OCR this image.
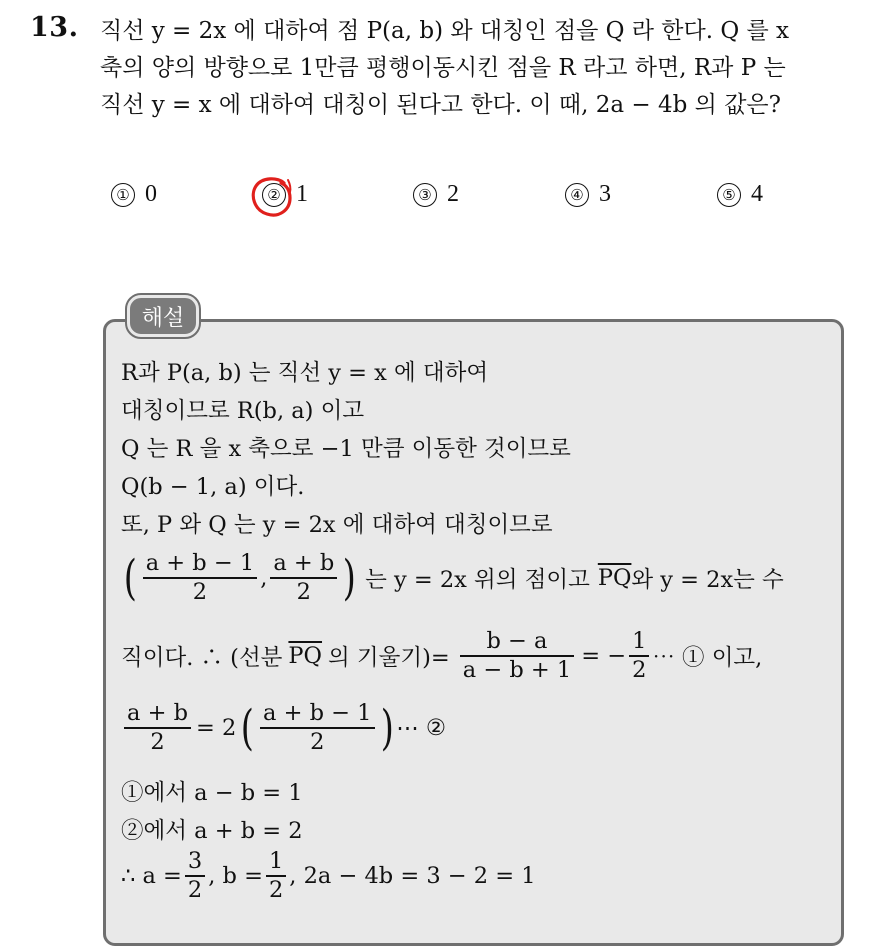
13. 직선 y = 2x 에 대하여 점 P(a, b) 와 대칭인 점을 Q 라 한다. Q 를 x
축의 양의 방향으로 1만큼 평행이동시킨 점을 R 라고 하면, R과 P 는
직선 y = x 에 대하여 대칭이 된다고 한다. 이 때, 2a − 4b 의 값은?
① 0	② 1	③ 2	④ 3	⑤ 4
해설
R과 P(a, b) 는 직선 y = x 에 대하여
대칭이므로 R(b, a) 이고
Q 는 R 을 x 축으로 −1 만큼 이동한 것이므로
Q(b − 1, a) 이다.
또, P 와 Q 는 y = 2x 에 대하여 대칭이므로
( $\frac{a + b - 1}{2}$ , $\frac{a + b}{2}$ ) 는 y = 2x 위의 점이고 $\overline{PQ}$ 와 y = 2x는 수
직이다. ∴ (선분 $\overline{PQ}$ 의 기울기)= $\frac{b - a}{a - b + 1}$ = − $\frac{1}{2}$ ⋯ ① 이고,
$\frac{a + b}{2} = 2$ ( $\frac{a + b - 1}{2}$ ) ⋯ ②
①에서 a − b = 1
②에서 a + b = 2
∴ $a = \frac{3}{2}$ , $b = \frac{1}{2}$ , 2a − 4b = 3 − 2 = 1
